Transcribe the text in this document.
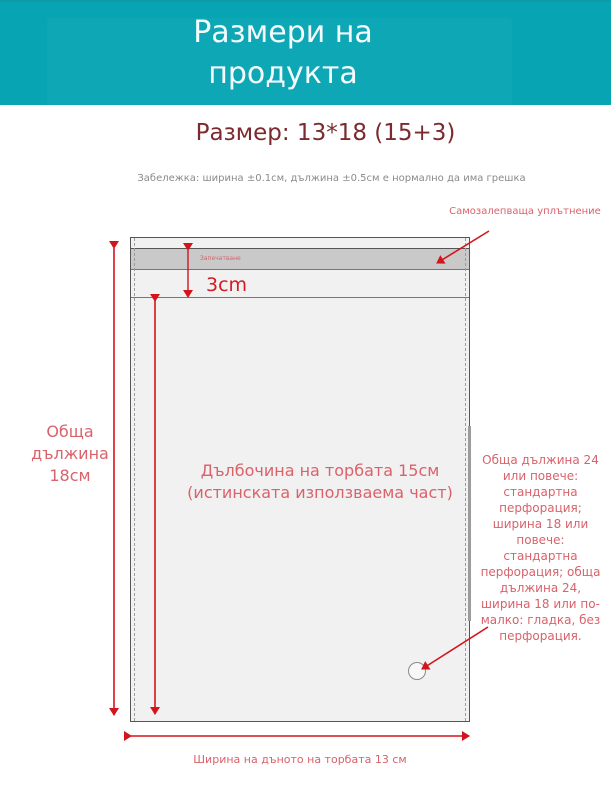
Размери на
продукта
Размер: 13*18 (15+3)
Забележка: ширина ±0.1см, дължина ±0.5см е нормално да има грешка
Запечатване
3cm
Самозалепваща уплътнение
Обща
дължина
18см	Дълбочина на торбата 15см
(истинската използваема част)
Обща дължина 24 или повече: стандартна перфорация; ширина 18 или повече: стандартна перфорация; обща дължина 24, ширина 18 или по-малко: гладка, без перфорация.
Ширина на дъното на торбата 13 см
